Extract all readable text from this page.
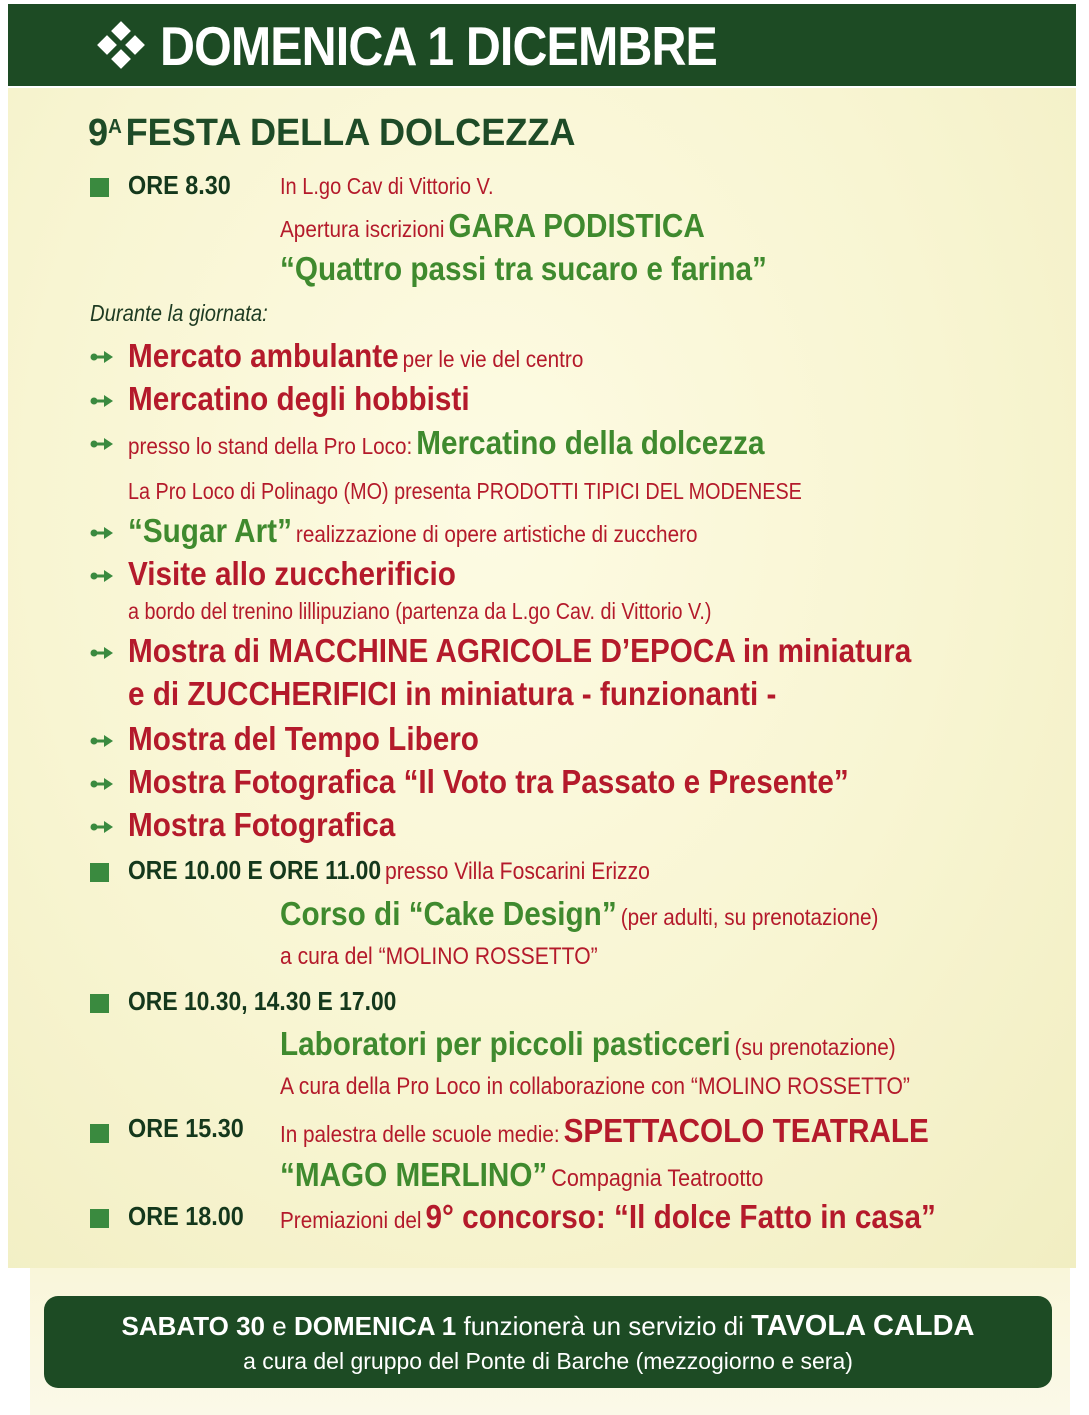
DOMENICA 1 DICEMBRE
$9^A$ FESTA DELLA DOLCEZZA
ORE 8.30 In L.go Cav di Vittorio V.
Apertura iscrizioni GARA PODISTICA
“Quattro passi tra sucaro e farina”
Durante la giornata:
Mercato ambulante per le vie del centro
Mercatino degli hobbisti
presso lo stand della Pro Loco: Mercatino della dolcezza
La Pro Loco di Polinago (MO) presenta PRODOTTI TIPICI DEL MODENESE
“Sugar Art” realizzazione di opere artistiche di zucchero
Visite allo zuccherificio
a bordo del trenino lillipuziano (partenza da L.go Cav. di Vittorio V.)
Mostra di MACCHINE AGRICOLE D’EPOCA in miniatura
e di ZUCCHERIFICI in miniatura - funzionanti -
Mostra del Tempo Libero
Mostra Fotografica “Il Voto tra Passato e Presente”
Mostra Fotografica
ORE 10.00 E ORE 11.00 presso Villa Foscarini Erizzo
Corso di “Cake Design” (per adulti, su prenotazione)
a cura del “MOLINO ROSSETTO”
ORE 10.30, 14.30 E 17.00
Laboratori per piccoli pasticceri (su prenotazione)
A cura della Pro Loco in collaborazione con “MOLINO ROSSETTO”
ORE 15.30 In palestra delle scuole medie: SPETTACOLO TEATRALE
“MAGO MERLINO” Compagnia Teatrootto
ORE 18.00 Premiazioni del 9° concorso: “Il dolce Fatto in casa”
SABATO 30 e DOMENICA 1 funzionerà un servizio di TAVOLA CALDA
a cura del gruppo del Ponte di Barche (mezzogiorno e sera)
